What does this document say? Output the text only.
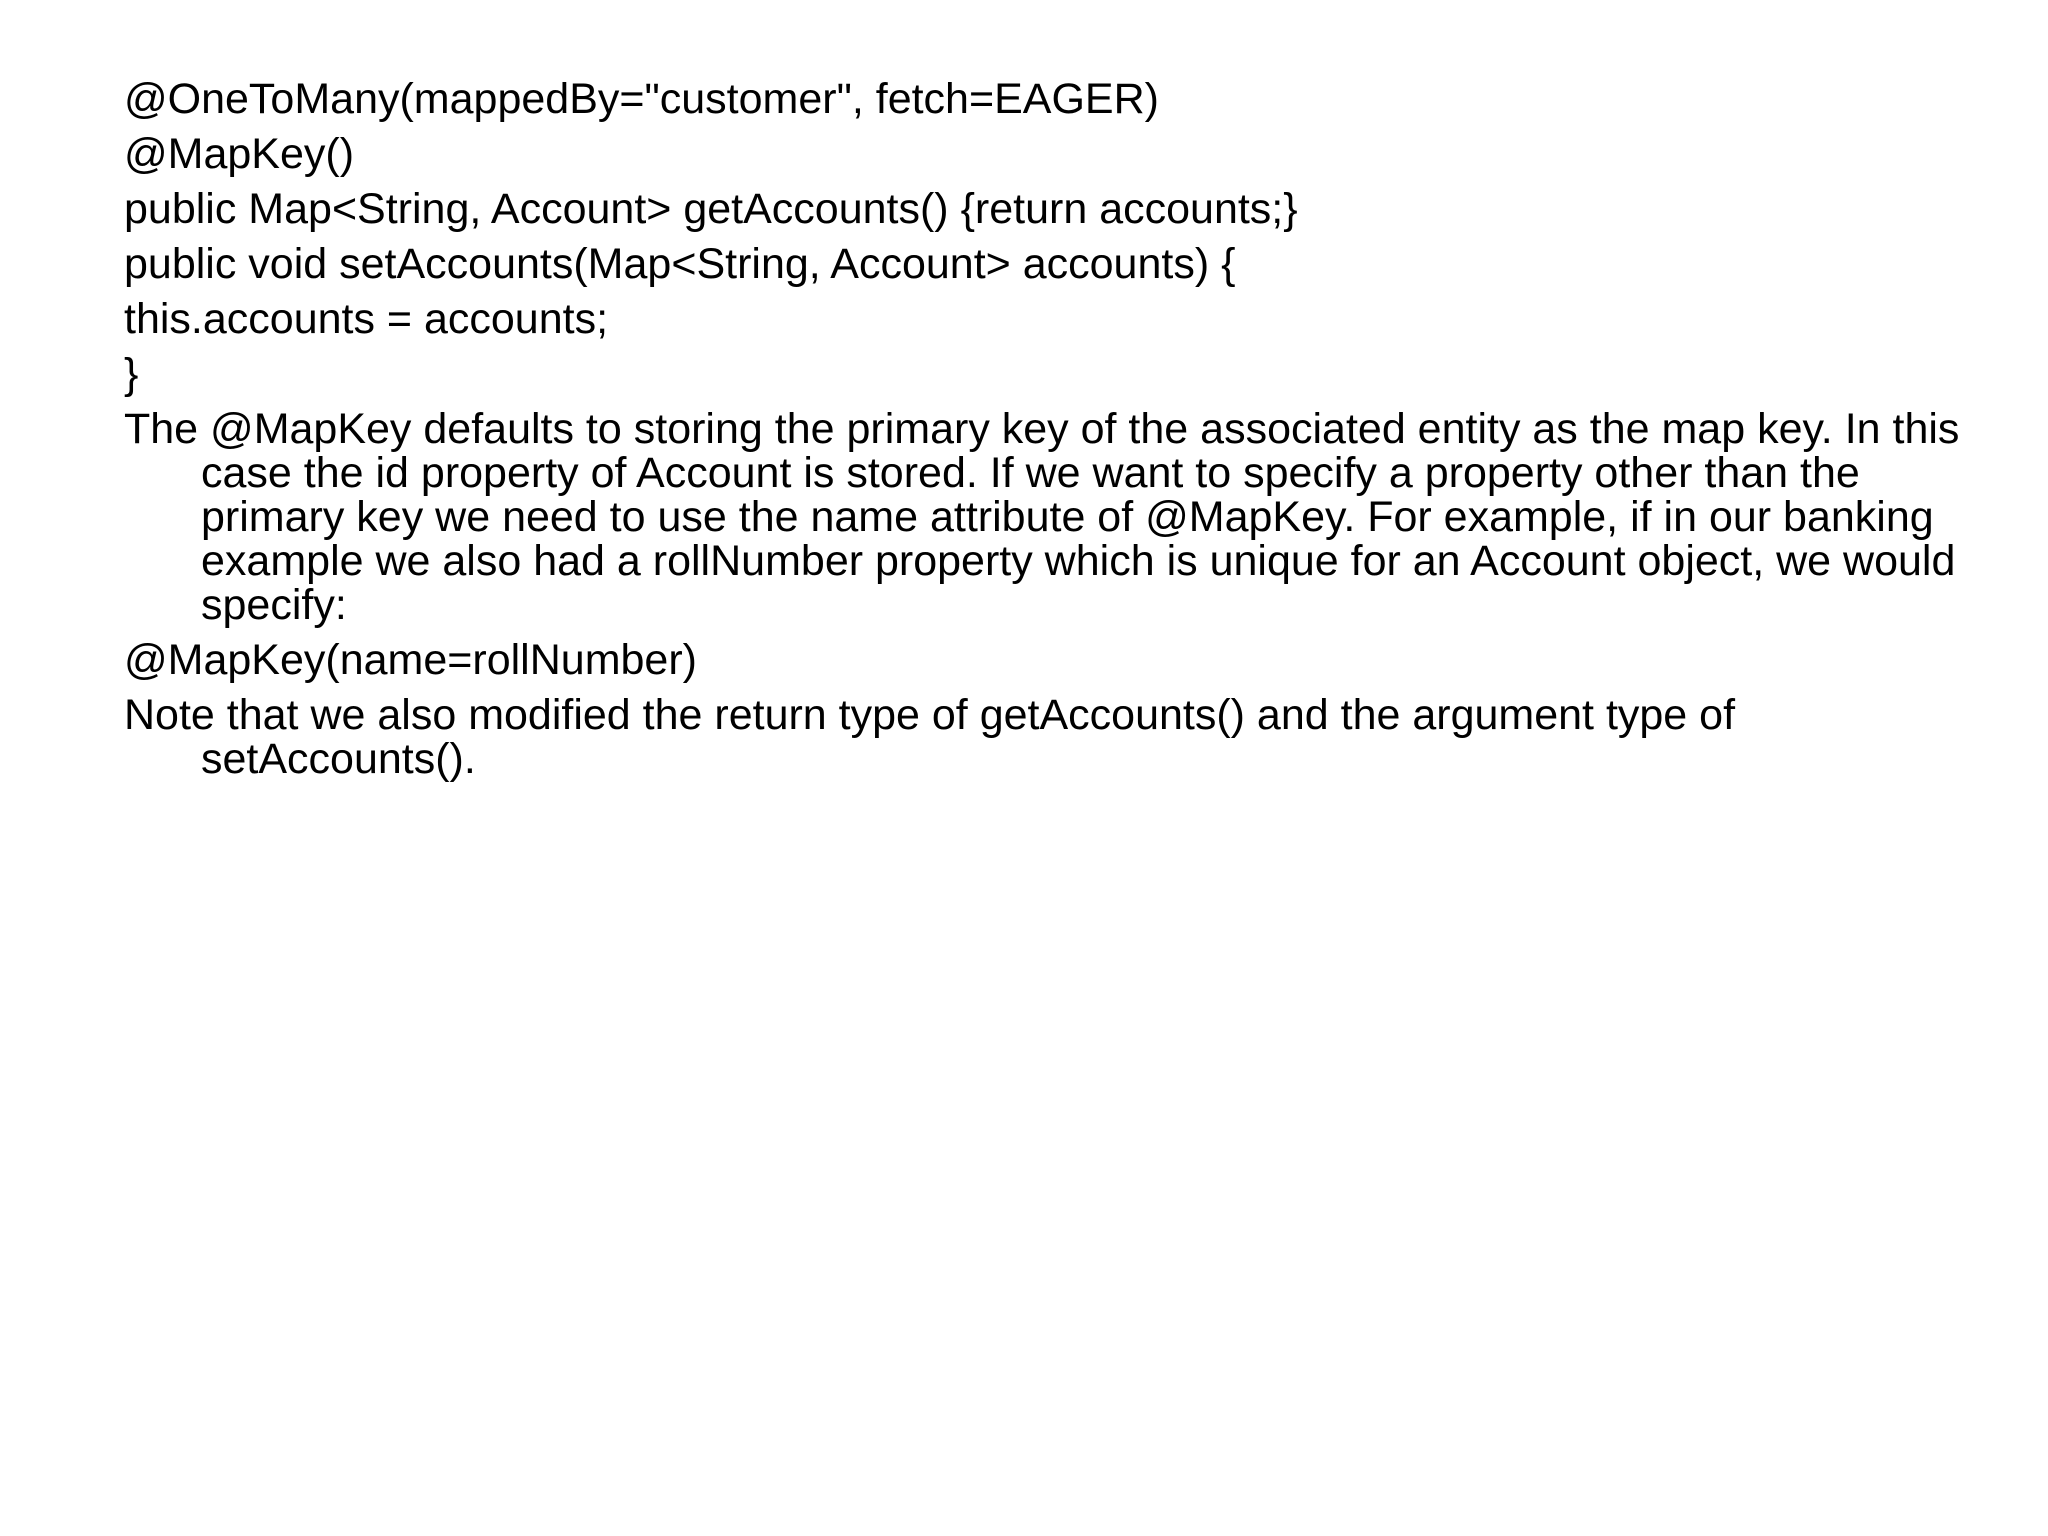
@OneToMany(mappedBy="customer", fetch=EAGER)

@MapKey()

public Map<String, Account> getAccounts() {return accounts;}

public void setAccounts(Map<String, Account> accounts) {

this.accounts = accounts;

}

The @MapKey defaults to storing the primary key of the associated entity as the map key. In this case the id property of Account is stored. If we want to specify a property other than the primary key we need to use the name attribute of @MapKey. For example, if in our banking example we also had a rollNumber property which is unique for an Account object, we would specify:

@MapKey(name=rollNumber)

Note that we also modified the return type of getAccounts() and the argument type of setAccounts().
